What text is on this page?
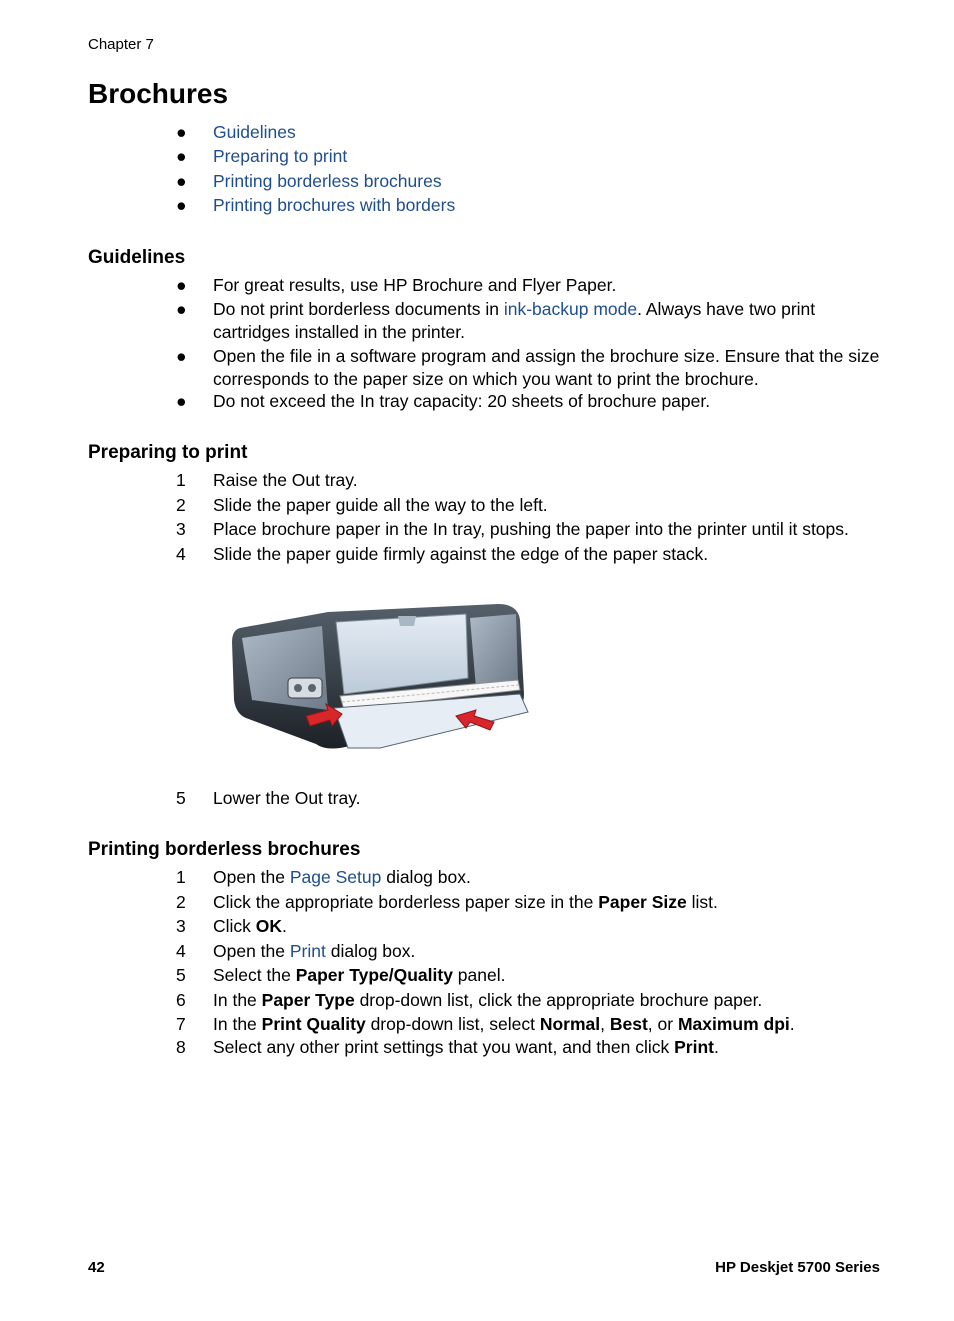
Chapter 7
Brochures
● Guidelines
● Preparing to print
● Printing borderless brochures
● Printing brochures with borders
Guidelines
● For great results, use HP Brochure and Flyer Paper.
● Do not print borderless documents in ink-backup mode. Always have two print cartridges installed in the printer.
● Open the file in a software program and assign the brochure size. Ensure that the size corresponds to the paper size on which you want to print the brochure.
● Do not exceed the In tray capacity: 20 sheets of brochure paper.
Preparing to print
1 Raise the Out tray.
2 Slide the paper guide all the way to the left.
3 Place brochure paper in the In tray, pushing the paper into the printer until it stops.
4 Slide the paper guide firmly against the edge of the paper stack.
5 Lower the Out tray.
Printing borderless brochures
1 Open the Page Setup dialog box.
2 Click the appropriate borderless paper size in the Paper Size list.
3 Click OK.
4 Open the Print dialog box.
5 Select the Paper Type/Quality panel.
6 In the Paper Type drop-down list, click the appropriate brochure paper.
7 In the Print Quality drop-down list, select Normal, Best, or Maximum dpi.
8 Select any other print settings that you want, and then click Print.
42	HP Deskjet 5700 Series
